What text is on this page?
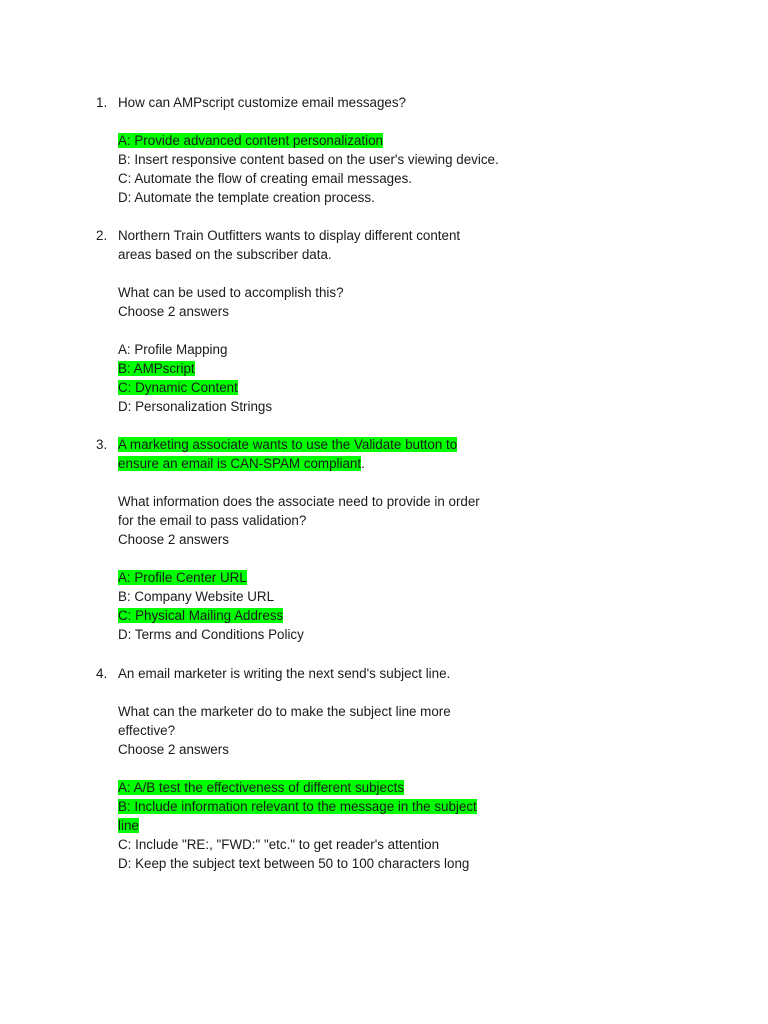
1. How can AMPscript customize email messages?
A: Provide advanced content personalization
B: Insert responsive content based on the user's viewing device.
C: Automate the flow of creating email messages.
D: Automate the template creation process.
2. Northern Train Outfitters wants to display different content
areas based on the subscriber data.
What can be used to accomplish this?
Choose 2 answers
A: Profile Mapping
B: AMPscript
C: Dynamic Content
D: Personalization Strings
3. A marketing associate wants to use the Validate button to
ensure an email is CAN-SPAM compliant.
What information does the associate need to provide in order
for the email to pass validation?
Choose 2 answers
A: Profile Center URL
B: Company Website URL
C: Physical Mailing Address
D: Terms and Conditions Policy
4. An email marketer is writing the next send's subject line.
What can the marketer do to make the subject line more
effective?
Choose 2 answers
A: A/B test the effectiveness of different subjects
B: Include information relevant to the message in the subject
line
C: Include "RE:, "FWD:" "etc." to get reader's attention
D: Keep the subject text between 50 to 100 characters long
